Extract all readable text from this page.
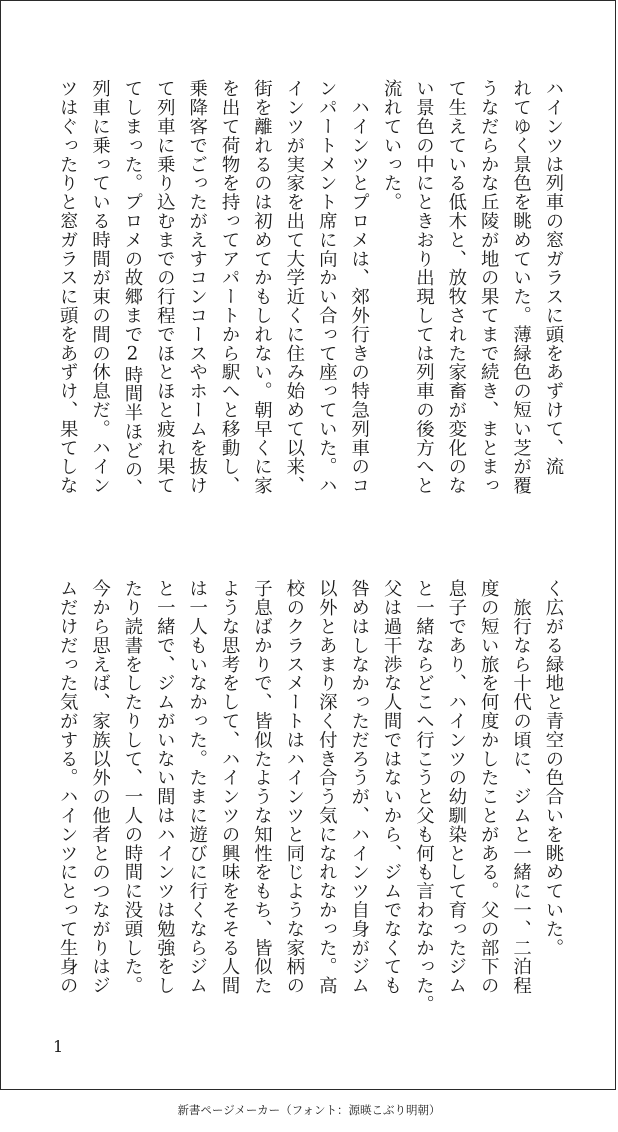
ハインツは列車の窓ガラスに頭をあずけて、流
れてゆく景色を眺めていた。薄緑色の短い芝が覆
うなだらかな丘陵が地の果てまで続き、まとまっ
て生えている低木と、放牧された家畜が変化のな
い景色の中にときおり出現しては列車の後方へと
流れていった。
　ハインツとプロメは、郊外行きの特急列車のコ
ンパートメント席に向かい合って座っていた。ハ
インツが実家を出て大学近くに住み始めて以来、
街を離れるのは初めてかもしれない。朝早くに家
を出て荷物を持ってアパートから駅へと移動し、
乗降客でごったがえすコンコースやホームを抜け
て列車に乗り込むまでの行程でほとほと疲れ果て
てしまった。プロメの故郷まで2時間半ほどの、
列車に乗っている時間が束の間の休息だ。ハイン
ツはぐったりと窓ガラスに頭をあずけ、果てしな
く広がる緑地と青空の色合いを眺めていた。
　旅行なら十代の頃に、ジムと一緒に一、二泊程
度の短い旅を何度かしたことがある。父の部下の
息子であり、ハインツの幼馴染として育ったジム
と一緒ならどこへ行こうと父も何も言わなかった。
父は過干渉な人間ではないから、ジムでなくても
咎めはしなかっただろうが、ハインツ自身がジム
以外とあまり深く付き合う気になれなかった。高
校のクラスメートはハインツと同じような家柄の
子息ばかりで、皆似たような知性をもち、皆似た
ような思考をして、ハインツの興味をそそる人間
は一人もいなかった。たまに遊びに行くならジム
と一緒で、ジムがいない間はハインツは勉強をし
たり読書をしたりして、一人の時間に没頭した。
今から思えば、家族以外の他者とのつながりはジ
ムだけだった気がする。ハインツにとって生身の
1
新書ページメーカー（フォント：源暎こぶり明朝）
